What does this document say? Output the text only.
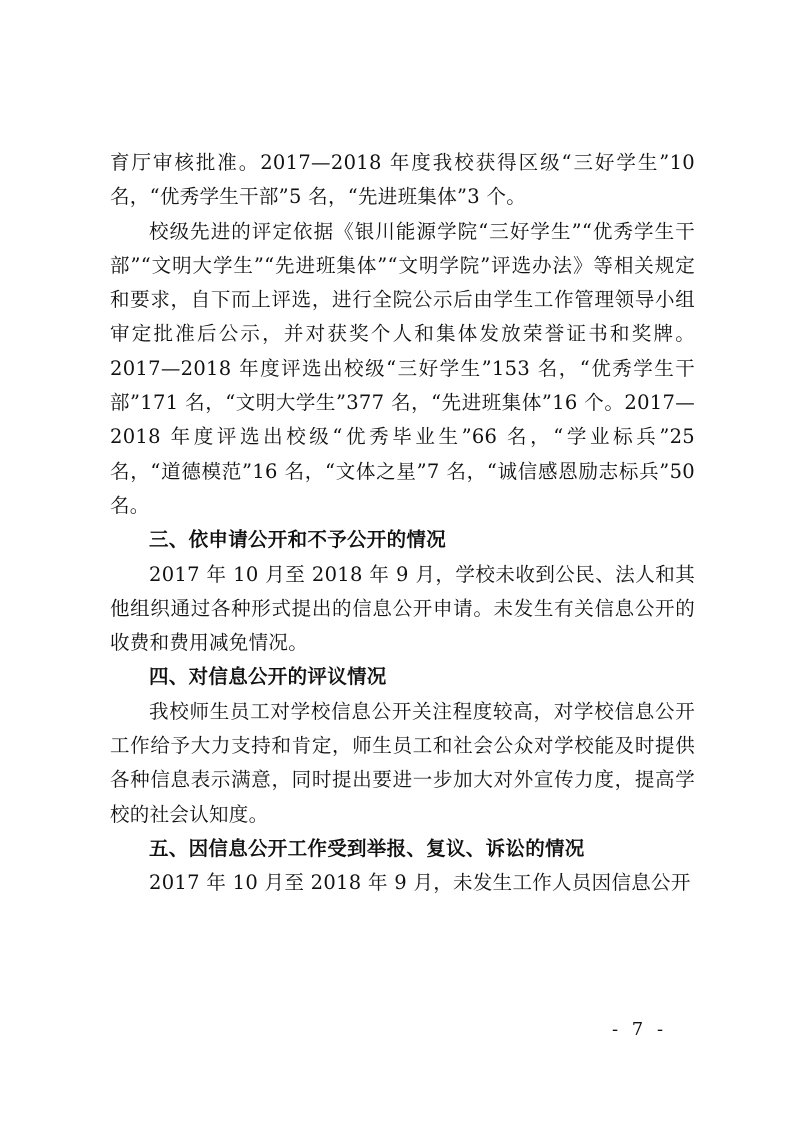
育厅审核批准。2017—2018 年度我校获得区级“三好学生”10 名，“优秀学生干部”5 名，“先进班集体”3 个。

校级先进的评定依据《银川能源学院“三好学生”“优秀学生干部”“文明大学生”“先进班集体”“文明学院”评选办法》等相关规定和要求，自下而上评选，进行全院公示后由学生工作管理领导小组审定批准后公示，并对获奖个人和集体发放荣誉证书和奖牌。2017—2018 年度评选出校级“三好学生”153 名，“优秀学生干部”171 名，“文明大学生”377 名，“先进班集体”16 个。2017—2018 年度评选出校级“优秀毕业生”66 名，“学业标兵”25 名，“道德模范”16 名，“文体之星”7 名，“诚信感恩励志标兵”50 名。

三、依申请公开和不予公开的情况

2017 年 10 月至 2018 年 9 月，学校未收到公民、法人和其他组织通过各种形式提出的信息公开申请。未发生有关信息公开的收费和费用减免情况。

四、对信息公开的评议情况

我校师生员工对学校信息公开关注程度较高，对学校信息公开工作给予大力支持和肯定，师生员工和社会公众对学校能及时提供各种信息表示满意，同时提出要进一步加大对外宣传力度，提高学校的社会认知度。

五、因信息公开工作受到举报、复议、诉讼的情况

2017 年 10 月至 2018 年 9 月，未发生工作人员因信息公开

- 7 -
